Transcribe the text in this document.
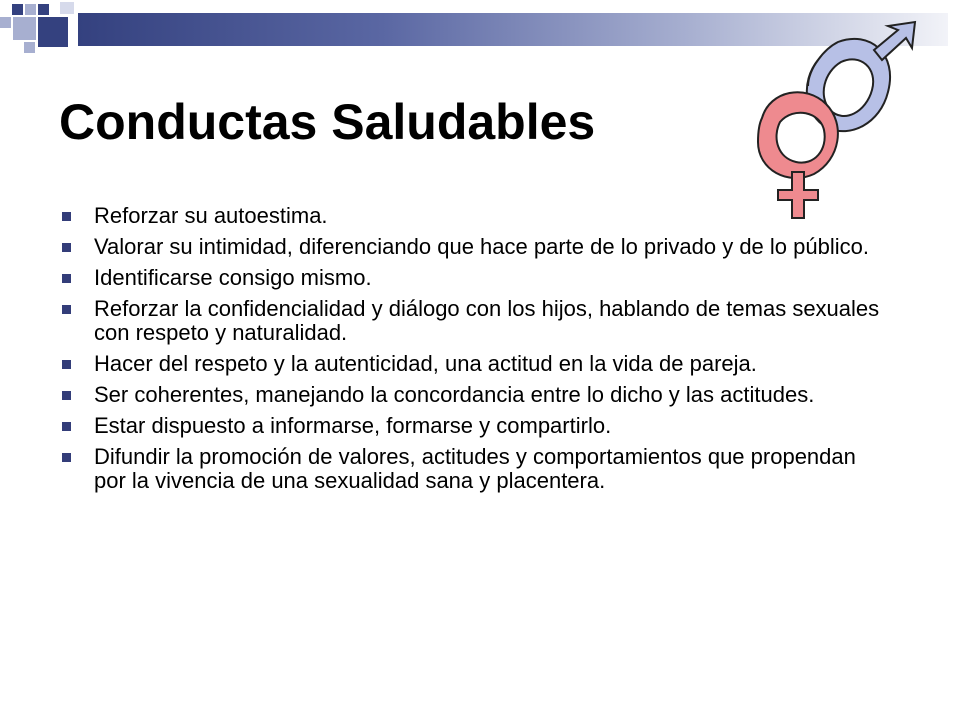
Conductas Saludables
Reforzar su autoestima.
Valorar su intimidad, diferenciando que hace parte de lo privado y de lo público.
Identificarse consigo mismo.
Reforzar la confidencialidad y diálogo con los hijos, hablando de temas sexuales con respeto y naturalidad.
Hacer del respeto y la autenticidad, una actitud en la vida de pareja.
Ser coherentes, manejando la concordancia entre lo dicho y las actitudes.
Estar dispuesto a informarse, formarse y compartirlo.
Difundir la promoción de valores, actitudes y comportamientos que propendan por la vivencia de una sexualidad sana y placentera.
